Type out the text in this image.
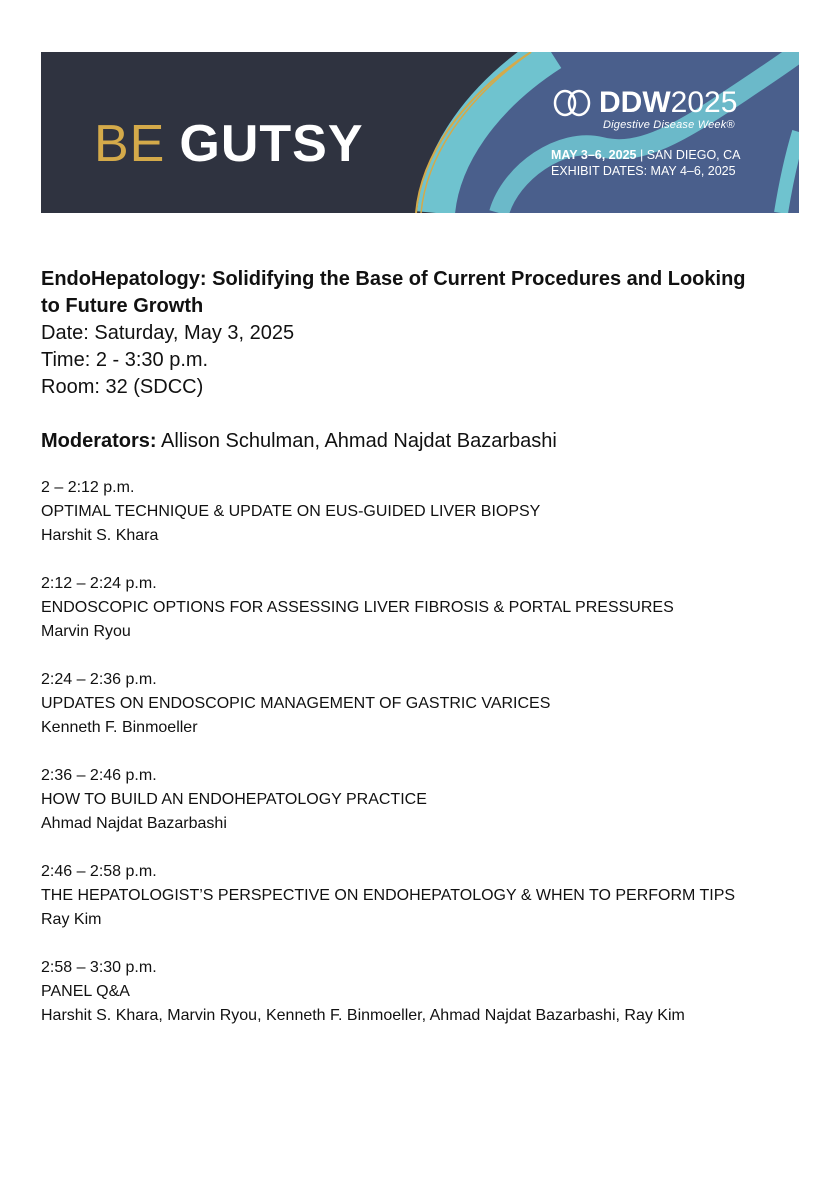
BE GUTSY
DDW 2025
Digestive Disease Week®
MAY 3–6, 2025 | SAN DIEGO, CA
EXHIBIT DATES: MAY 4–6, 2025

EndoHepatology: Solidifying the Base of Current Procedures and Looking
to Future Growth

Date: Saturday, May 3, 2025

Time: 2 - 3:30 p.m.

Room: 32 (SDCC)

Moderators: Allison Schulman, Ahmad Najdat Bazarbashi

2 – 2:12 p.m.
OPTIMAL TECHNIQUE & UPDATE ON EUS-GUIDED LIVER BIOPSY
Harshit S. Khara
2:12 – 2:24 p.m.
ENDOSCOPIC OPTIONS FOR ASSESSING LIVER FIBROSIS & PORTAL PRESSURES
Marvin Ryou
2:24 – 2:36 p.m.
UPDATES ON ENDOSCOPIC MANAGEMENT OF GASTRIC VARICES
Kenneth F. Binmoeller
2:36 – 2:46 p.m.
HOW TO BUILD AN ENDOHEPATOLOGY PRACTICE
Ahmad Najdat Bazarbashi
2:46 – 2:58 p.m.
THE HEPATOLOGIST’S PERSPECTIVE ON ENDOHEPATOLOGY & WHEN TO PERFORM TIPS
Ray Kim
2:58 – 3:30 p.m.
PANEL Q&A
Harshit S. Khara, Marvin Ryou, Kenneth F. Binmoeller, Ahmad Najdat Bazarbashi, Ray Kim
